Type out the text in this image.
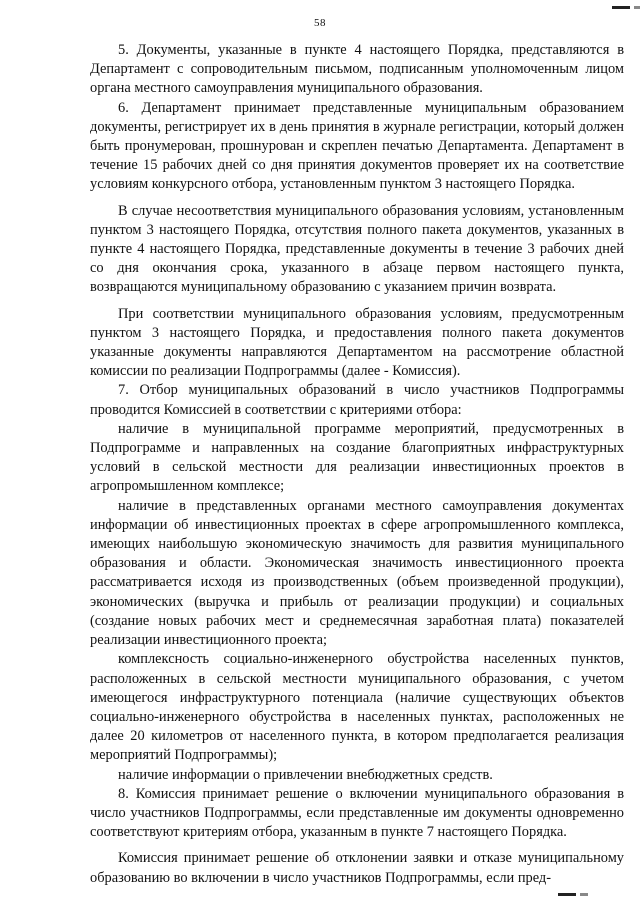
58

5. Документы, указанные в пункте 4 настоящего Порядка, представляются в Департамент с сопроводительным письмом, подписанным уполномоченным лицом органа местного самоуправления муниципального образования.

6. Департамент принимает представленные муниципальным образованием документы, регистрирует их в день принятия в журнале регистрации, который должен быть пронумерован, прошнурован и скреплен печатью Департамента. Департамент в течение 15 рабочих дней со дня принятия документов проверяет их на соответствие условиям конкурсного отбора, установленным пунктом 3 настоящего Порядка.

В случае несоответствия муниципального образования условиям, установленным пунктом 3 настоящего Порядка, отсутствия полного пакета документов, указанных в пункте 4 настоящего Порядка, представленные документы в течение 3 рабочих дней со дня окончания срока, указанного в абзаце первом настоящего пункта, возвращаются муниципальному образованию с указанием причин возврата.

При соответствии муниципального образования условиям, предусмотренным пунктом 3 настоящего Порядка, и предоставления полного пакета документов указанные документы направляются Департаментом на рассмотрение областной комиссии по реализации Подпрограммы (далее - Комиссия).

7. Отбор муниципальных образований в число участников Подпрограммы проводится Комиссией в соответствии с критериями отбора:

наличие в муниципальной программе мероприятий, предусмотренных в Подпрограмме и направленных на создание благоприятных инфраструктурных условий в сельской местности для реализации инвестиционных проектов в агропромышленном комплексе;

наличие в представленных органами местного самоуправления документах информации об инвестиционных проектах в сфере агропромышленного комплекса, имеющих наибольшую экономическую значимость для развития муниципального образования и области. Экономическая значимость инвестиционного проекта рассматривается исходя из производственных (объем произведенной продукции), экономических (выручка и прибыль от реализации продукции) и социальных (создание новых рабочих мест и среднемесячная заработная плата) показателей реализации инвестиционного проекта;

комплексность социально-инженерного обустройства населенных пунктов, расположенных в сельской местности муниципального образования, с учетом имеющегося инфраструктурного потенциала (наличие существующих объектов социально-инженерного обустройства в населенных пунктах, расположенных не далее 20 километров от населенного пункта, в котором предполагается реализация мероприятий Подпрограммы);

наличие информации о привлечении внебюджетных средств.

8. Комиссия принимает решение о включении муниципального образования в число участников Подпрограммы, если представленные им документы одновременно соответствуют критериям отбора, указанным в пункте 7 настоящего Порядка.

Комиссия принимает решение об отклонении заявки и отказе муниципальному образованию во включении в число участников Подпрограммы, если пред-
